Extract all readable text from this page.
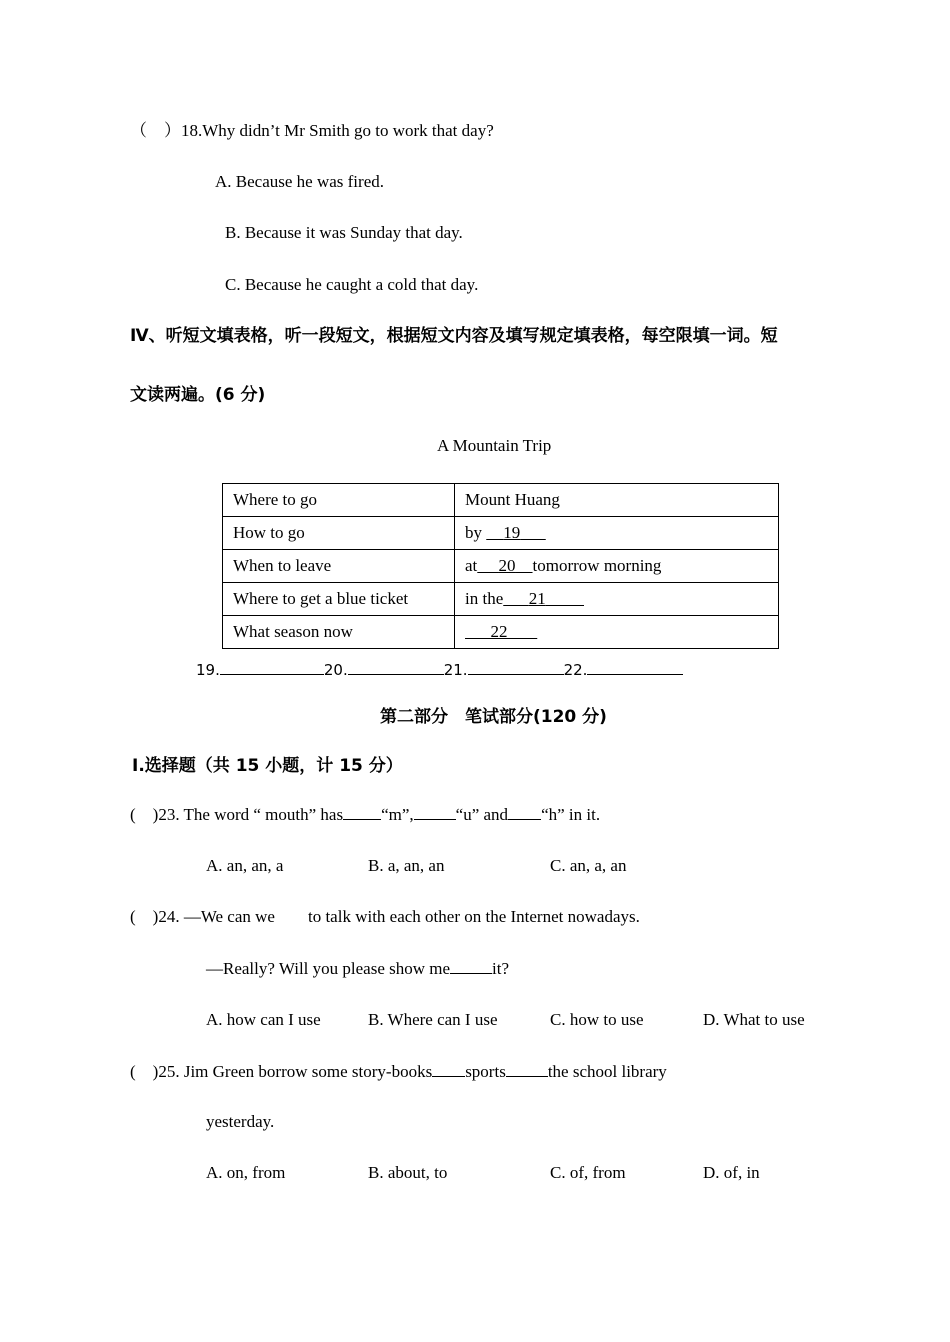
（　）18.Why didn’t Mr Smith go to work that day?
A. Because he was fired.
B. Because it was Sunday that day.
C. Because he caught a cold that day.
Ⅳ、听短文填表格，听一段短文，根据短文内容及填写规定填表格，每空限填一词。短
文读两遍。(6 分)
A Mountain Trip
Where to go	Mount Huang
How to go	by     19
When to leave	at 20 tomorrow morning
Where to get a blue ticket	in the 21
What season now	22
19.	20.	21.	22.
第二部分　笔试部分(120 分)
Ⅰ.选择题（共 15 小题，计 15 分）
(　)23. The word “ mouth” has “m”, “u” and “h” in it.
A. an, an, a	B. a, an, an	C. an, a, an
(　)24. —We can we to talk with each other on the Internet nowadays.
—Really? Will you please show me it?
A. how can I use	B. Where can I use	C. how to use	D. What to use
(　)25. Jim Green borrow some story-books sports the school library
yesterday.
A. on, from	B. about, to	C. of, from	D. of, in
